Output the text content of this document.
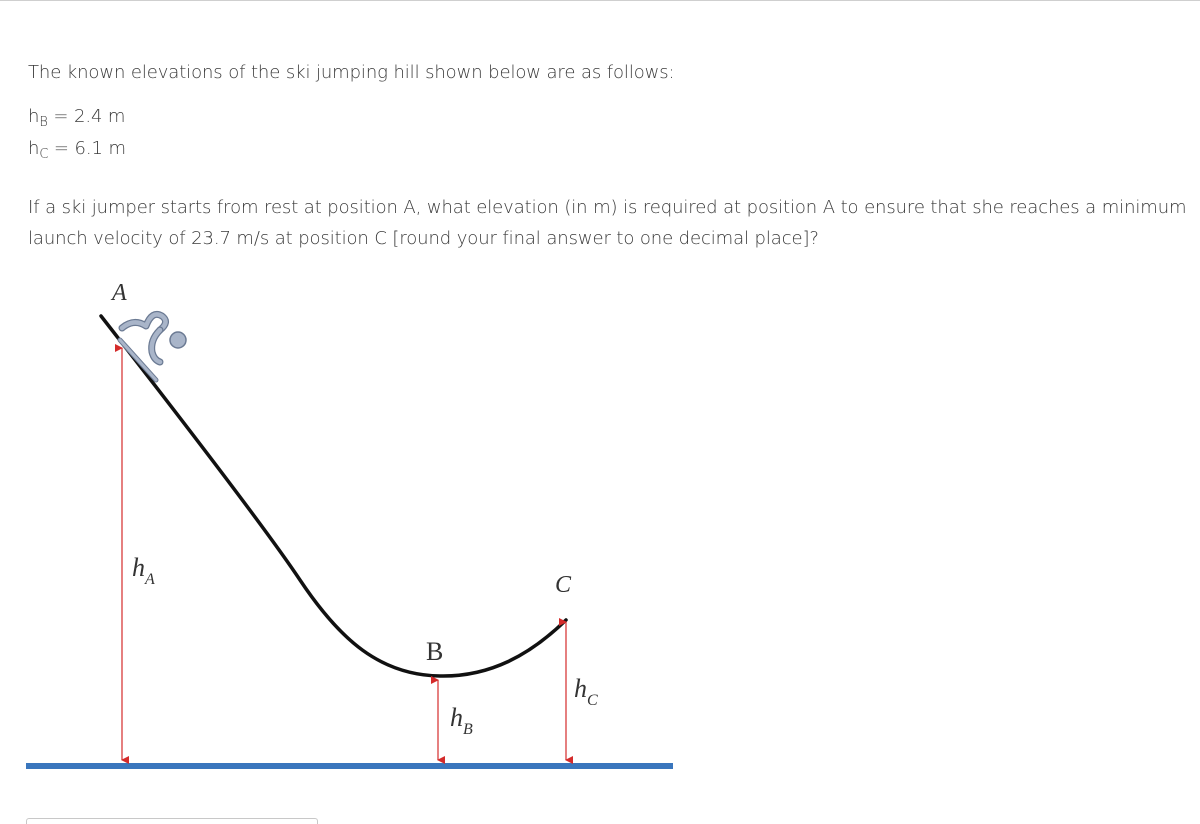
The known elevations of the ski jumping hill shown below are as follows:

$h_B = 2.4$ m
$h_C = 6.1$ m

If a ski jumper starts from rest at position A, what elevation (in m) is required at position A to ensure that she reaches a minimum launch velocity of 23.7 m/s at position C [round your final answer to one decimal place]?

A
B
C
$h_A$
$h_B$
$h_C$
